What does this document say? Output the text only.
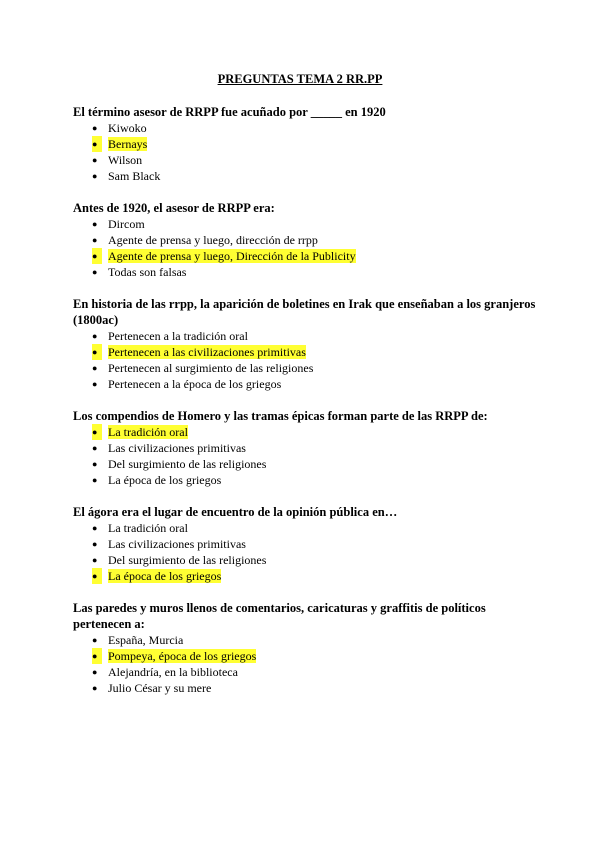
PREGUNTAS TEMA 2 RR.PP
El término asesor de RRPP fue acuñado por _____ en 1920
● Kiwoko
● Bernays
● Wilson
● Sam Black
Antes de 1920, el asesor de RRPP era:
● Dircom
● Agente de prensa y luego, dirección de rrpp
● Agente de prensa y luego, Dirección de la Publicity
● Todas son falsas
En historia de las rrpp, la aparición de boletines en Irak que enseñaban a los granjeros (1800ac)
● Pertenecen a la tradición oral
● Pertenecen a las civilizaciones primitivas
● Pertenecen al surgimiento de las religiones
● Pertenecen a la época de los griegos
Los compendios de Homero y las tramas épicas forman parte de las RRPP de:
● La tradición oral
● Las civilizaciones primitivas
● Del surgimiento de las religiones
● La época de los griegos
El ágora era el lugar de encuentro de la opinión pública en…
● La tradición oral
● Las civilizaciones primitivas
● Del surgimiento de las religiones
● La época de los griegos
Las paredes y muros llenos de comentarios, caricaturas y graffitis de políticos pertenecen a:
● España, Murcia
● Pompeya, época de los griegos
● Alejandría, en la biblioteca
● Julio César y su mere
